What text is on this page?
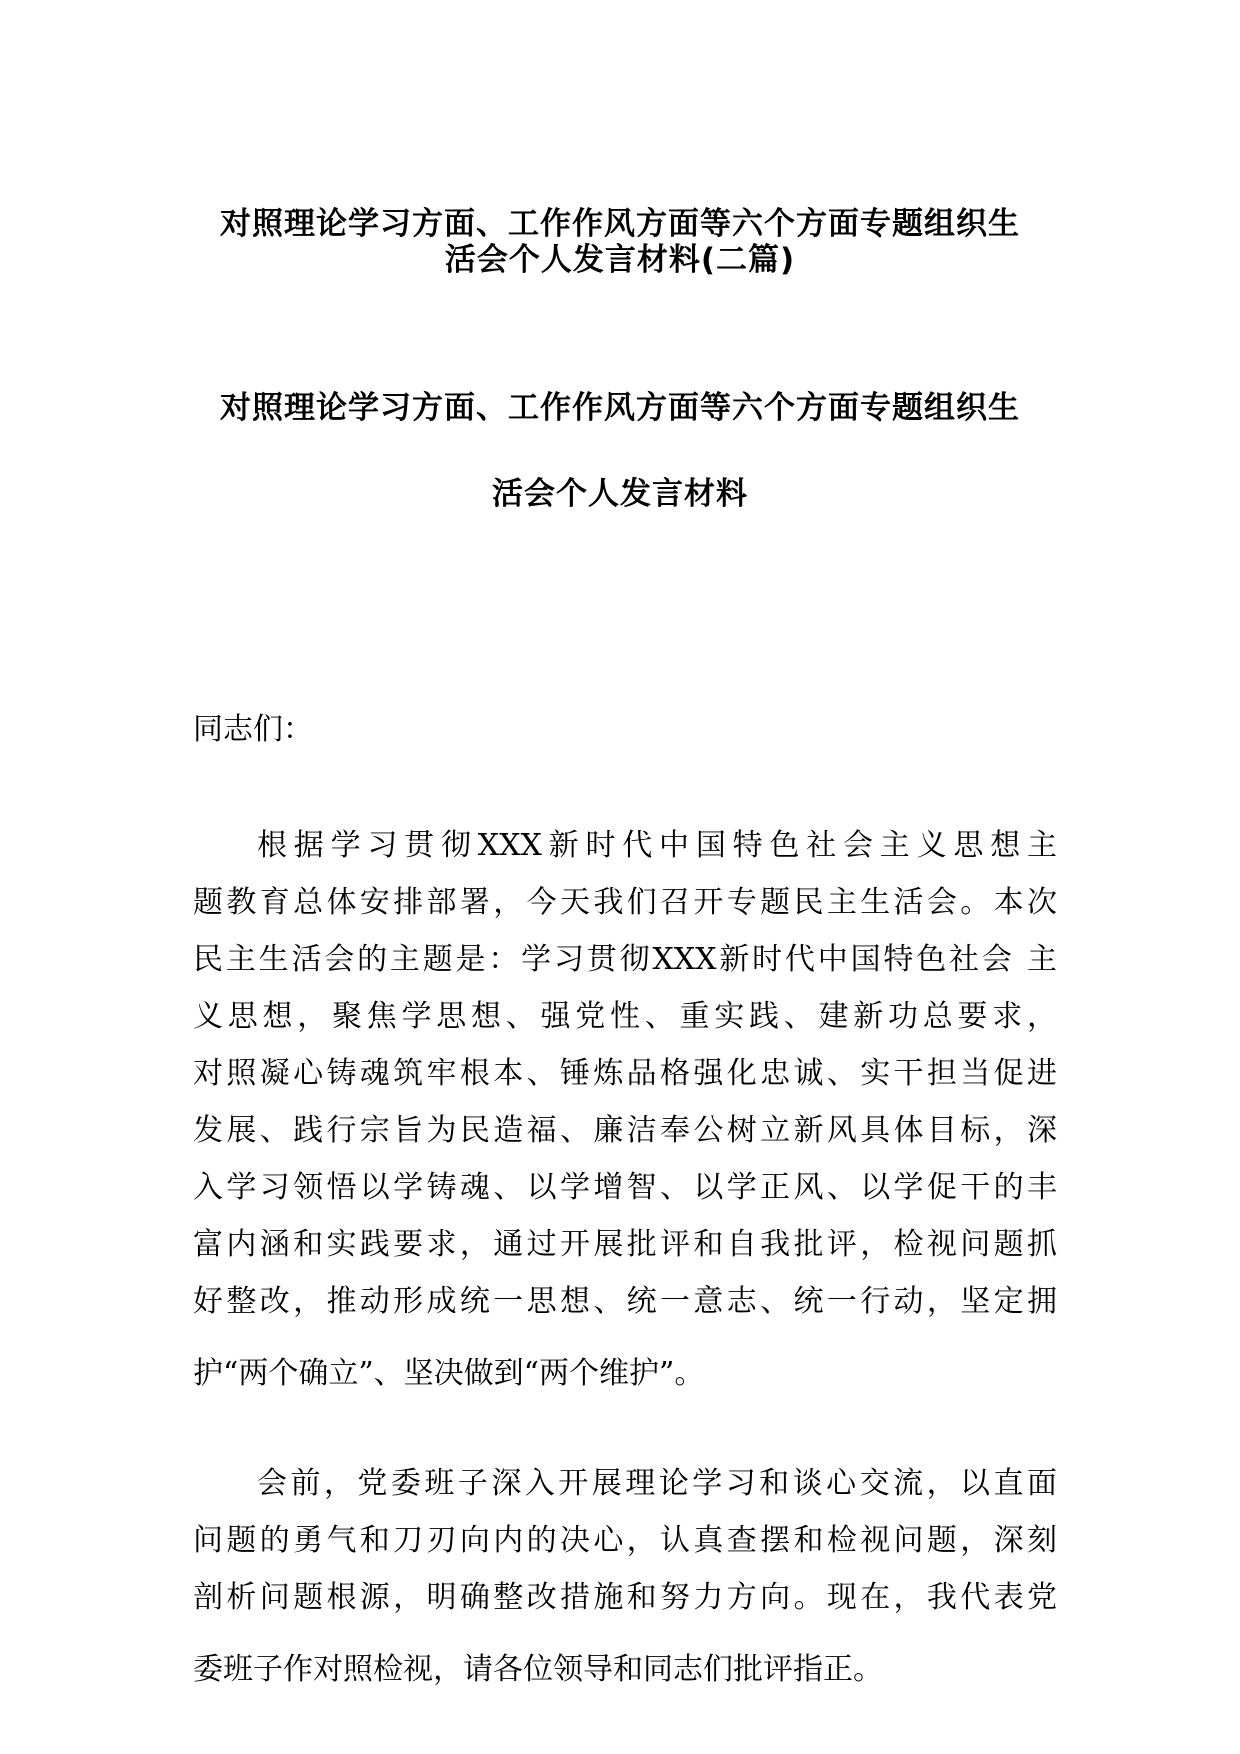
对照理论学习方面、工作作风方面等六个方面专题组织生
活会个人发言材料(二篇)
对照理论学习方面、工作作风方面等六个方面专题组织生
活会个人发言材料
同志们：
根据学习贯彻XXX新时代中国特色社会主义思想主
题教育总体安排部署，今天我们召开专题民主生活会。本次
民主生活会的主题是：学习贯彻XXX新时代中国特色社会 主
义思想，聚焦学思想、强党性、重实践、建新功总要求，
对照凝心铸魂筑牢根本、锤炼品格强化忠诚、实干担当促进
发展、践行宗旨为民造福、廉洁奉公树立新风具体目标，深
入学习领悟以学铸魂、以学增智、以学正风、以学促干的丰
富内涵和实践要求，通过开展批评和自我批评，检视问题抓
好整改，推动形成统一思想、统一意志、统一行动，坚定拥
护“两个确立”、坚决做到“两个维护”。
会前，党委班子深入开展理论学习和谈心交流，以直面
问题的勇气和刀刃向内的决心，认真查摆和检视问题，深刻
剖析问题根源，明确整改措施和努力方向。现在，我代表党
委班子作对照检视，请各位领导和同志们批评指正。
